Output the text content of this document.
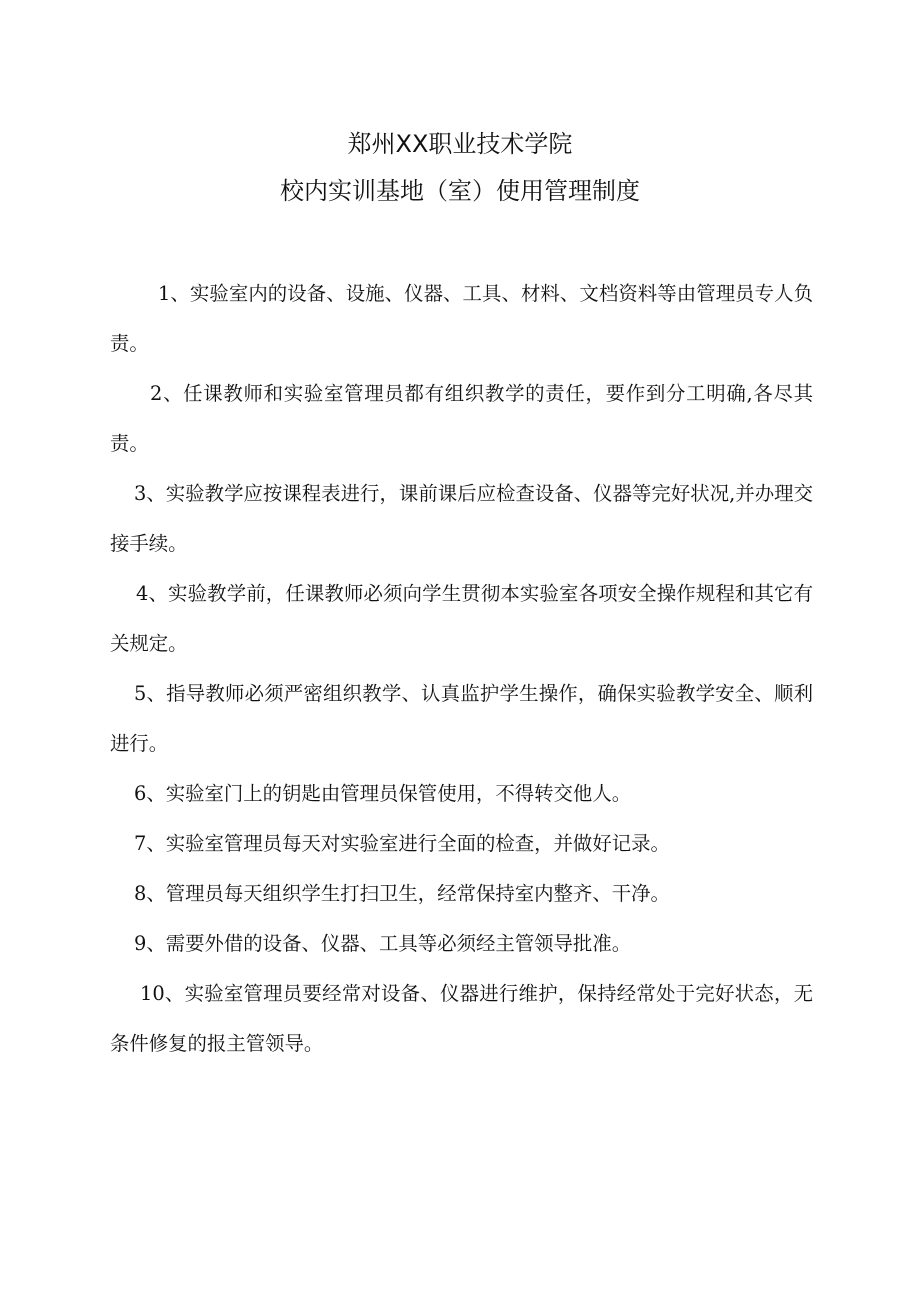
郑州XX职业技术学院
校内实训基地（室）使用管理制度

1、实验室内的设备、设施、仪器、工具、材料、文档资料等由管理员专人负责。

2、任课教师和实验室管理员都有组织教学的责任，要作到分工明确,各尽其责。

3、实验教学应按课程表进行，课前课后应检查设备、仪器等完好状况,并办理交接手续。

4、实验教学前，任课教师必须向学生贯彻本实验室各项安全操作规程和其它有关规定。

5、指导教师必须严密组织教学、认真监护学生操作，确保实验教学安全、顺利进行。

6、实验室门上的钥匙由管理员保管使用，不得转交他人。

7、实验室管理员每天对实验室进行全面的检查，并做好记录。

8、管理员每天组织学生打扫卫生，经常保持室内整齐、干净。

9、需要外借的设备、仪器、工具等必须经主管领导批准。

10、实验室管理员要经常对设备、仪器进行维护，保持经常处于完好状态，无条件修复的报主管领导。
